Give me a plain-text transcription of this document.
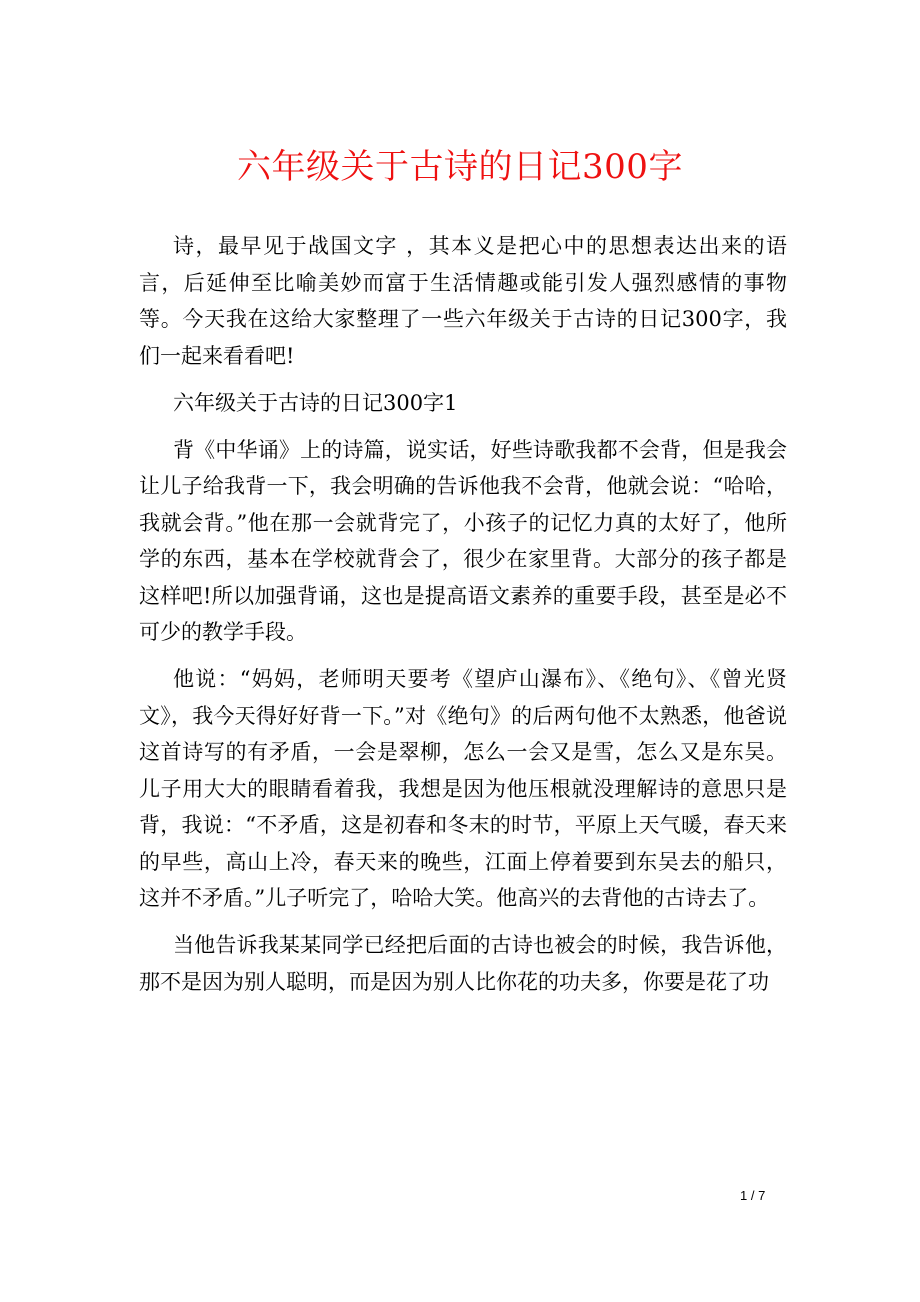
六年级关于古诗的日记300字

诗，最早见于战国文字 ，其本义是把心中的思想表达出来的语言，后延伸至比喻美妙而富于生活情趣或能引发人强烈感情的事物等。今天我在这给大家整理了一些六年级关于古诗的日记300字，我们一起来看看吧!

六年级关于古诗的日记300字1

背《中华诵》上的诗篇，说实话，好些诗歌我都不会背，但是我会让儿子给我背一下，我会明确的告诉他我不会背，他就会说：“哈哈，我就会背。”他在那一会就背完了，小孩子的记忆力真的太好了，他所学的东西，基本在学校就背会了，很少在家里背。大部分的孩子都是这样吧!所以加强背诵，这也是提高语文素养的重要手段，甚至是必不可少的教学手段。

他说：“妈妈，老师明天要考《望庐山瀑布》、《绝句》、《曾光贤文》，我今天得好好背一下。”对《绝句》的后两句他不太熟悉，他爸说这首诗写的有矛盾，一会是翠柳，怎么一会又是雪，怎么又是东吴。儿子用大大的眼睛看着我，我想是因为他压根就没理解诗的意思只是背，我说：“不矛盾，这是初春和冬末的时节，平原上天气暖，春天来的早些，高山上冷，春天来的晚些，江面上停着要到东吴去的船只，这并不矛盾。”儿子听完了，哈哈大笑。他高兴的去背他的古诗去了。

当他告诉我某某同学已经把后面的古诗也被会的时候，我告诉他，那不是因为别人聪明，而是因为别人比你花的功夫多，你要是花了功

1 / 7
